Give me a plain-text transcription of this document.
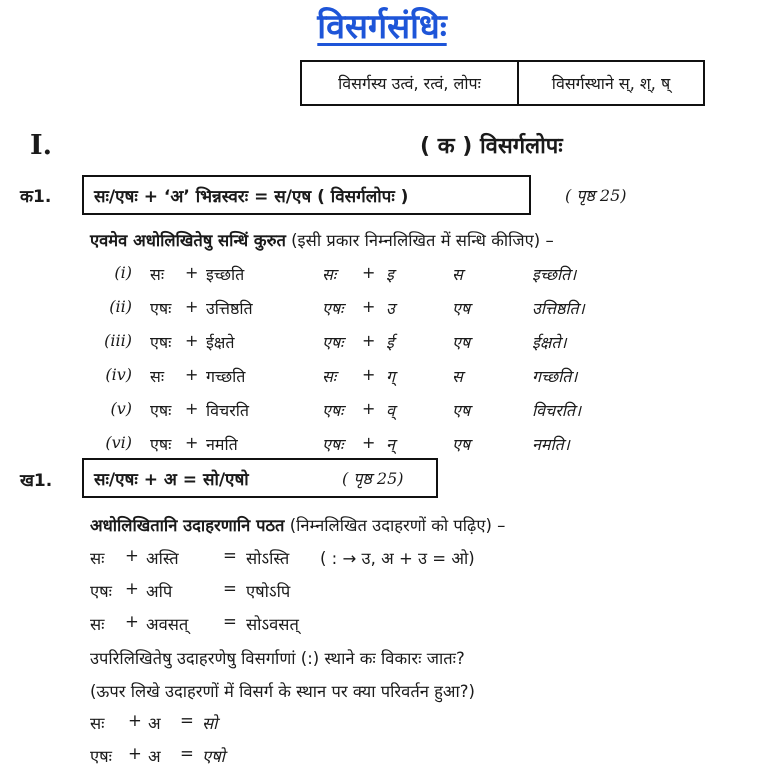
विसर्गसंधिः
विसर्गस्य उत्वं, रत्वं, लोपः	विसर्गस्थाने स्, श्, ष्
I.	( क ) विसर्गलोपः
क1.	सः/एषः + ‘अ’ भिन्नस्वरः = स/एष ( विसर्गलोपः )	( पृष्ठ 25)
एवमेव अधोलिखितेषु सन्धिं कुरुत (इसी प्रकार निम्नलिखित में सन्धि कीजिए) –
(i) सः + इच्छति	सः + इ	स	इच्छति।
(ii) एषः + उत्तिष्ठति	एषः + उ	एष	उत्तिष्ठति।
(iii) एषः + ईक्षते	एषः + ई	एष	ईक्षते।
(iv) सः + गच्छति	सः + ग्	स	गच्छति।
(v) एषः + विचरति	एषः + व्	एष	विचरति।
(vi) एषः + नमति	एषः + न्	एष	नमति।
ख1. सः/एषः + अ = सो/एषो	( पृष्ठ 25)
अधोलिखितानि उदाहरणानि पठत (निम्नलिखित उदाहरणों को पढ़िए) –
सः + अस्ति	= सोऽस्ति ( : → उ, अ + उ = ओ)
एषः + अपि	= एषोऽपि
सः + अवसत् = सोऽवसत्
उपरिलिखितेषु उदाहरणेषु विसर्गाणां (:) स्थाने कः विकारः जातः?
(ऊपर लिखे उदाहरणों में विसर्ग के स्थान पर क्या परिवर्तन हुआ?)
सः + अ = सो
एषः + अ = एषो
